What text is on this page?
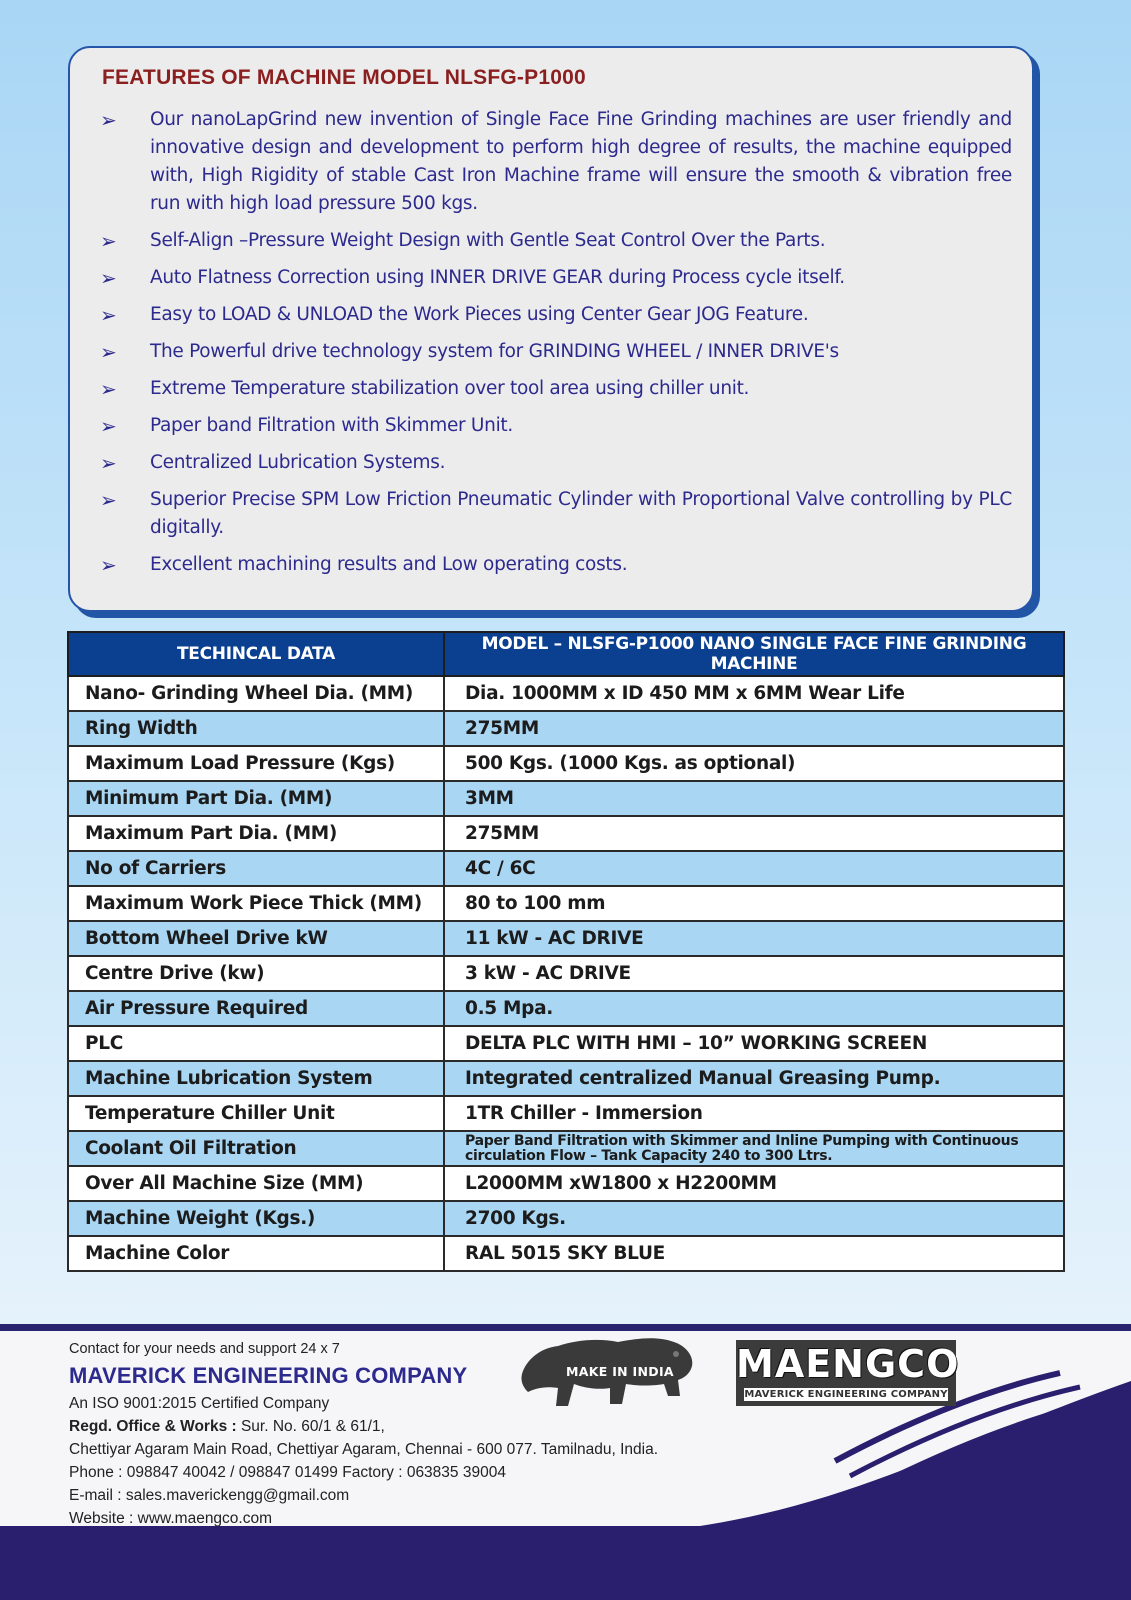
FEATURES OF MACHINE MODEL NLSFG-P1000
➢ Our nanoLapGrind new invention of Single Face Fine Grinding machines are user friendly and innovative design and development to perform high degree of results, the machine equipped with, High Rigidity of stable Cast Iron Machine frame will ensure the smooth & vibration free run with high load pressure 500 kgs.
➢ Self-Align –Pressure Weight Design with Gentle Seat Control Over the Parts.
➢ Auto Flatness Correction using INNER DRIVE GEAR during Process cycle itself.
➢ Easy to LOAD & UNLOAD the Work Pieces using Center Gear JOG Feature.
➢ The Powerful drive technology system for GRINDING WHEEL / INNER DRIVE's
➢ Extreme Temperature stabilization over tool area using chiller unit.
➢ Paper band Filtration with Skimmer Unit.
➢ Centralized Lubrication Systems.
➢ Superior Precise SPM Low Friction Pneumatic Cylinder with Proportional Valve controlling by PLC digitally.
➢ Excellent machining results and Low operating costs.
TECHINCAL DATA	MODEL – NLSFG-P1000 NANO SINGLE FACE FINE GRINDING MACHINE
Nano- Grinding Wheel Dia. (MM)	Dia. 1000MM x ID 450 MM x 6MM Wear Life
Ring Width	275MM
Maximum Load Pressure (Kgs)	500 Kgs. (1000 Kgs. as optional)
Minimum Part Dia. (MM)	3MM
Maximum Part Dia. (MM)	275MM
No of Carriers	4C / 6C
Maximum Work Piece Thick (MM)	80 to 100 mm
Bottom Wheel Drive kW	11 kW - AC DRIVE
Centre Drive (kw)	3 kW - AC DRIVE
Air Pressure Required	0.5 Mpa.
PLC	DELTA PLC WITH HMI – 10” WORKING SCREEN
Machine Lubrication System	Integrated centralized Manual Greasing Pump.
Temperature Chiller Unit	1TR Chiller - Immersion
Coolant Oil Filtration	Paper Band Filtration with Skimmer and Inline Pumping with Continuous circulation Flow – Tank Capacity 240 to 300 Ltrs.
Over All Machine Size (MM)	L2000MM xW1800 x H2200MM
Machine Weight (Kgs.)	2700 Kgs.
Machine Color	RAL 5015 SKY BLUE

Contact for your needs and support 24 x 7

MAVERICK ENGINEERING COMPANY

An ISO 9001:2015 Certified Company

Regd. Office & Works : Sur. No. 60/1 & 61/1,

Chettiyar Agaram Main Road, Chettiyar Agaram, Chennai - 600 077. Tamilnadu, India.

Phone : 098847 40042 / 098847 01499 Factory : 063835 39004

E-mail : sales.maverickengg@gmail.com

Website : www.maengco.com

MAKE IN INDIA MAENGCO
MAVERICK ENGINEERING COMPANY
